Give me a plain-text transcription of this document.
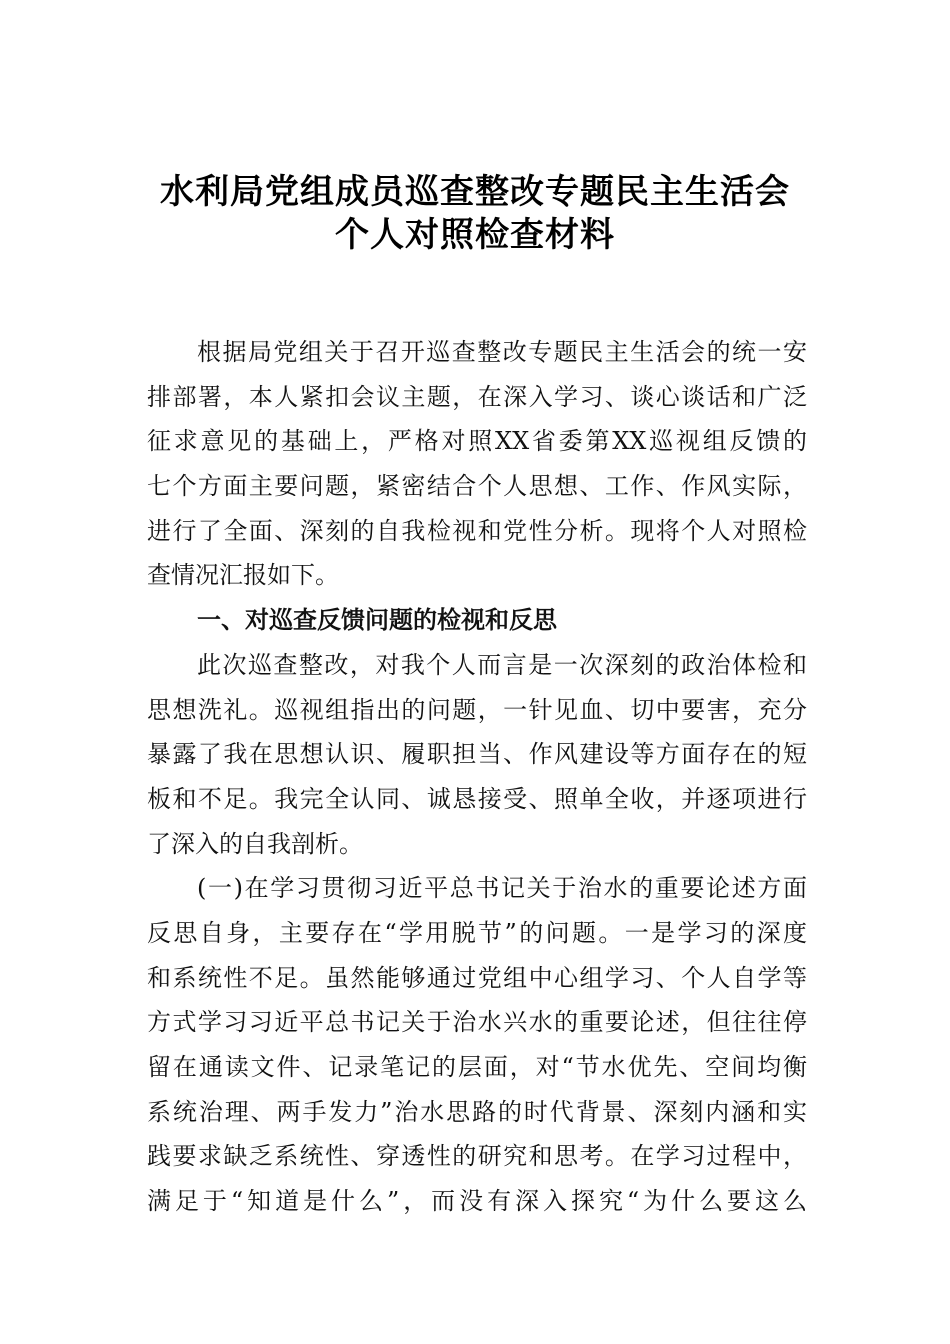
水利局党组成员巡查整改专题民主生活会
个人对照检查材料
根据局党组关于召开巡查整改专题民主生活会的统一安
排部署，本人紧扣会议主题，在深入学习、谈心谈话和广泛
征求意见的基础上，严格对照XX省委第XX巡视组反馈的
七个方面主要问题，紧密结合个人思想、工作、作风实际，
进行了全面、深刻的自我检视和党性分析。现将个人对照检
查情况汇报如下。
一、对巡查反馈问题的检视和反思
此次巡查整改，对我个人而言是一次深刻的政治体检和
思想洗礼。巡视组指出的问题，一针见血、切中要害，充分
暴露了我在思想认识、履职担当、作风建设等方面存在的短
板和不足。我完全认同、诚恳接受、照单全收，并逐项进行
了深入的自我剖析。
(一)在学习贯彻习近平总书记关于治水的重要论述方面
反思自身，主要存在“学用脱节”的问题。一是学习的深度
和系统性不足。虽然能够通过党组中心组学习、个人自学等
方式学习习近平总书记关于治水兴水的重要论述，但往往停
留在通读文件、记录笔记的层面，对“节水优先、空间均衡
系统治理、两手发力”治水思路的时代背景、深刻内涵和实
践要求缺乏系统性、穿透性的研究和思考。在学习过程中，
满足于“知道是什么”，而没有深入探究“为什么要这么
